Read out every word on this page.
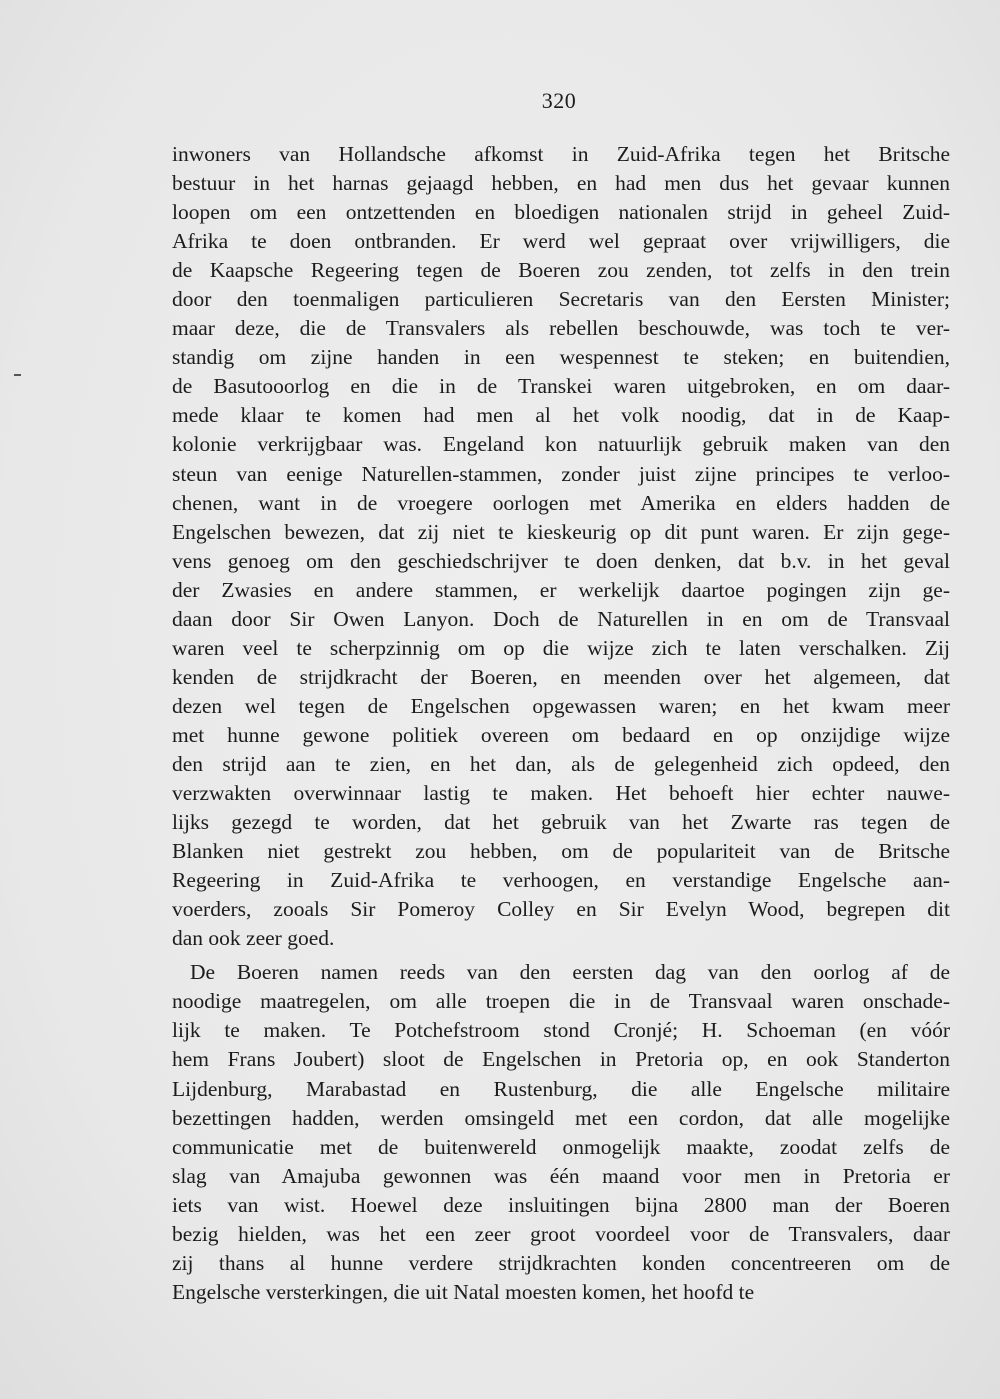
320
inwoners van Hollandsche afkomst in Zuid-Afrika tegen het Britsche
bestuur in het harnas gejaagd hebben, en had men dus het gevaar kunnen
loopen om een ontzettenden en bloedigen nationalen strijd in geheel Zuid-
Afrika te doen ontbranden. Er werd wel gepraat over vrijwilligers, die
de Kaapsche Regeering tegen de Boeren zou zenden, tot zelfs in den trein
door den toenmaligen particulieren Secretaris van den Eersten Minister;
maar deze, die de Transvalers als rebellen beschouwde, was toch te ver-
standig om zijne handen in een wespennest te steken; en buitendien,
de Basutooorlog en die in de Transkei waren uitgebroken, en om daar-
mede klaar te komen had men al het volk noodig, dat in de Kaap-
kolonie verkrijgbaar was. Engeland kon natuurlijk gebruik maken van den
steun van eenige Naturellen-stammen, zonder juist zijne principes te verloo-
chenen, want in de vroegere oorlogen met Amerika en elders hadden de
Engelschen bewezen, dat zij niet te kieskeurig op dit punt waren. Er zijn gege-
vens genoeg om den geschiedschrijver te doen denken, dat b.v. in het geval
der Zwasies en andere stammen, er werkelijk daartoe pogingen zijn ge-
daan door Sir Owen Lanyon. Doch de Naturellen in en om de Transvaal
waren veel te scherpzinnig om op die wijze zich te laten verschalken. Zij
kenden de strijdkracht der Boeren, en meenden over het algemeen, dat
dezen wel tegen de Engelschen opgewassen waren; en het kwam meer
met hunne gewone politiek overeen om bedaard en op onzijdige wijze
den strijd aan te zien, en het dan, als de gelegenheid zich opdeed, den
verzwakten overwinnaar lastig te maken. Het behoeft hier echter nauwe-
lijks gezegd te worden, dat het gebruik van het Zwarte ras tegen de
Blanken niet gestrekt zou hebben, om de populariteit van de Britsche
Regeering in Zuid-Afrika te verhoogen, en verstandige Engelsche aan-
voerders, zooals Sir Pomeroy Colley en Sir Evelyn Wood, begrepen dit
dan ook zeer goed.
De Boeren namen reeds van den eersten dag van den oorlog af de
noodige maatregelen, om alle troepen die in de Transvaal waren onschade-
lijk te maken. Te Potchefstroom stond Cronjé; H. Schoeman (en vóór
hem Frans Joubert) sloot de Engelschen in Pretoria op, en ook Standerton
Lijdenburg, Marabastad en Rustenburg, die alle Engelsche militaire
bezettingen hadden, werden omsingeld met een cordon, dat alle mogelijke
communicatie met de buitenwereld onmogelijk maakte, zoodat zelfs de
slag van Amajuba gewonnen was één maand voor men in Pretoria er
iets van wist. Hoewel deze insluitingen bijna 2800 man der Boeren
bezig hielden, was het een zeer groot voordeel voor de Transvalers, daar
zij thans al hunne verdere strijdkrachten konden concentreeren om de
Engelsche versterkingen, die uit Natal moesten komen, het hoofd te
